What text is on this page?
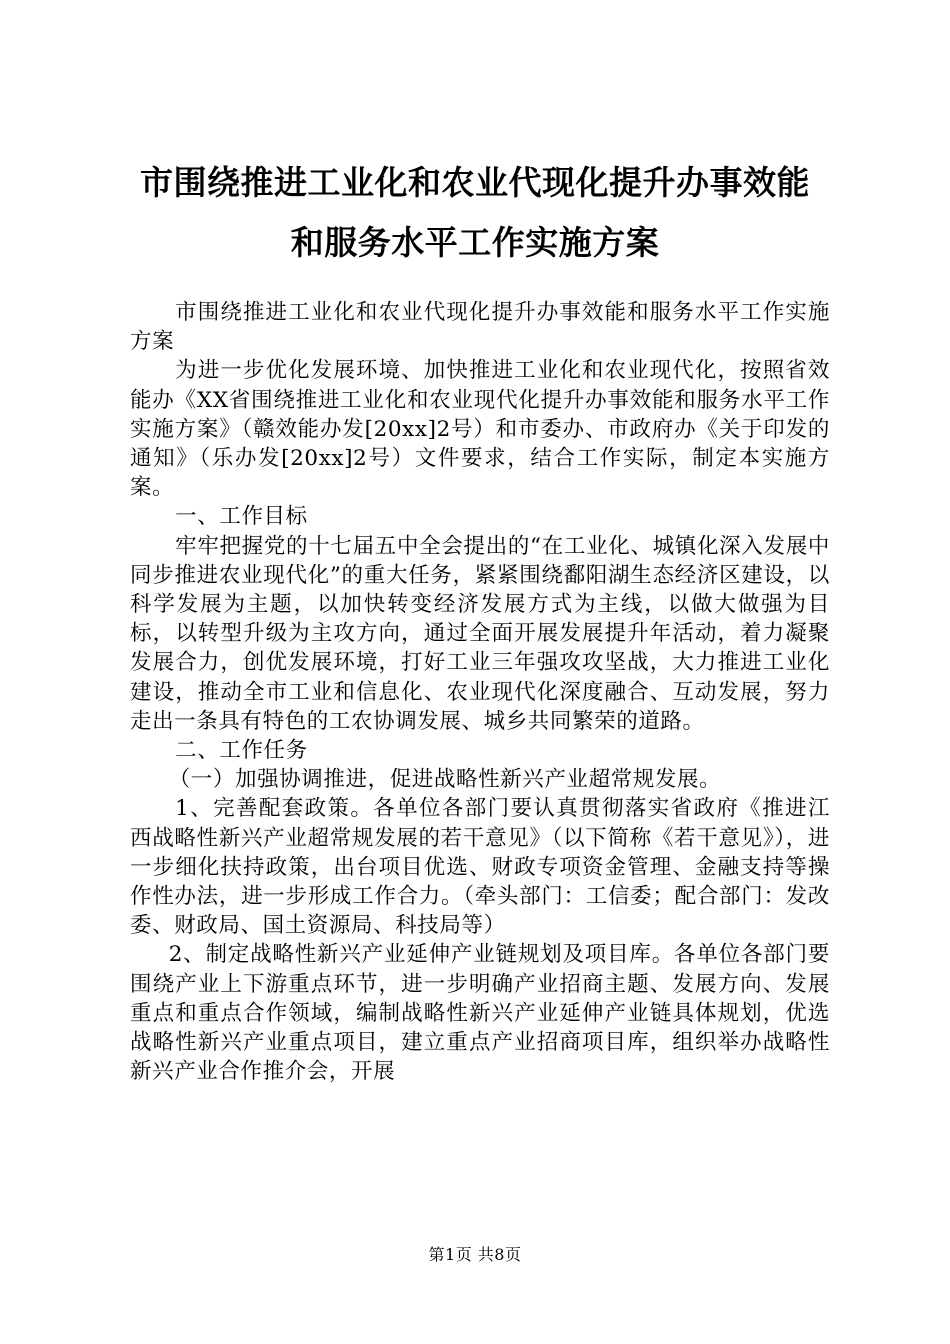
市围绕推进工业化和农业代现化提升办事效能
和服务水平工作实施方案

市围绕推进工业化和农业代现化提升办事效能和服务水平工作实施方案

为进一步优化发展环境、加快推进工业化和农业现代化，按照省效能办《XX省围绕推进工业化和农业现代化提升办事效能和服务水平工作实施方案》（赣效能办发[20xx]2号）和市委办、市政府办《关于印发的通知》（乐办发[20xx]2号）文件要求，结合工作实际，制定本实施方案。

一、工作目标

牢牢把握党的十七届五中全会提出的“在工业化、城镇化深入发展中同步推进农业现代化”的重大任务，紧紧围绕鄱阳湖生态经济区建设，以科学发展为主题，以加快转变经济发展方式为主线，以做大做强为目标，以转型升级为主攻方向，通过全面开展发展提升年活动，着力凝聚发展合力，创优发展环境，打好工业三年强攻攻坚战，大力推进工业化建设，推动全市工业和信息化、农业现代化深度融合、互动发展，努力走出一条具有特色的工农协调发展、城乡共同繁荣的道路。

二、工作任务

（一）加强协调推进，促进战略性新兴产业超常规发展。

1、完善配套政策。各单位各部门要认真贯彻落实省政府《推进江西战略性新兴产业超常规发展的若干意见》（以下简称《若干意见》），进一步细化扶持政策，出台项目优选、财政专项资金管理、金融支持等操作性办法，进一步形成工作合力。（牵头部门：工信委；配合部门：发改委、财政局、国土资源局、科技局等）

2、制定战略性新兴产业延伸产业链规划及项目库。各单位各部门要围绕产业上下游重点环节，进一步明确产业招商主题、发展方向、发展重点和重点合作领域，编制战略性新兴产业延伸产业链具体规划，优选战略性新兴产业重点项目，建立重点产业招商项目库，组织举办战略性新兴产业合作推介会，开展

第1页 共8页
